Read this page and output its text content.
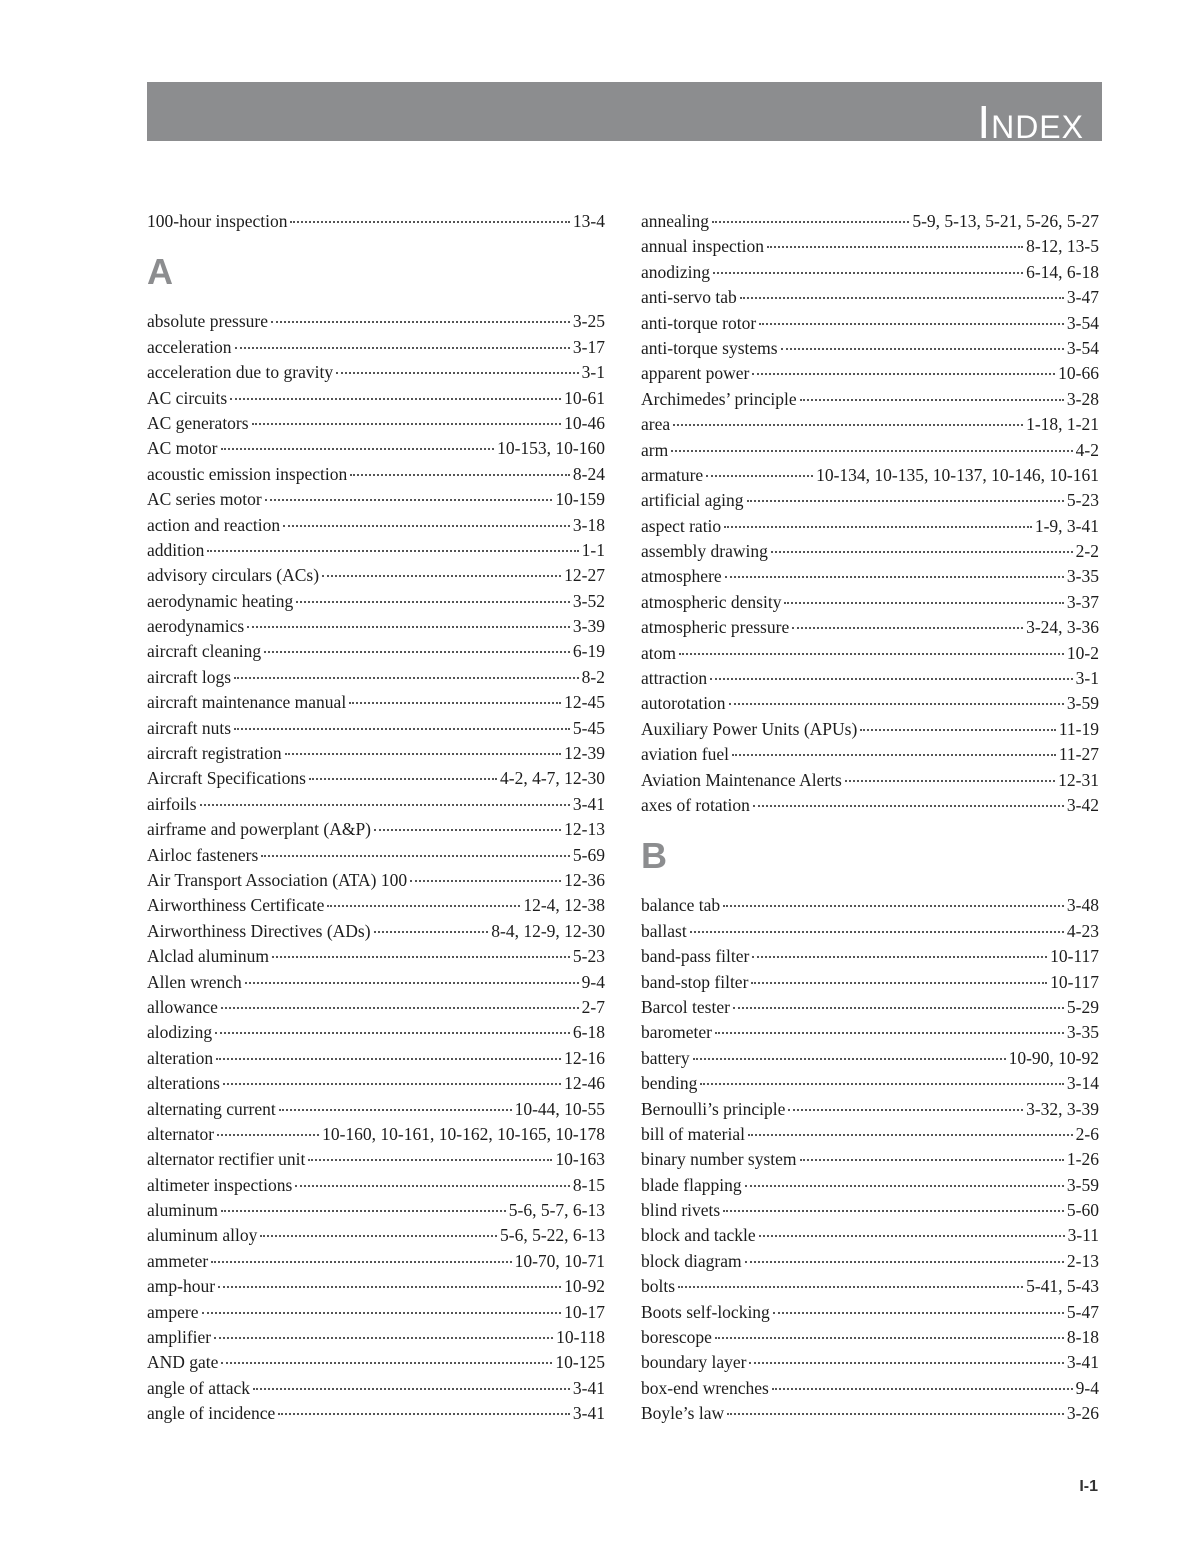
Index
100-hour inspection	13-4
A
absolute pressure	3-25
acceleration	3-17
acceleration due to gravity	3-1
AC circuits	10-61
AC generators	10-46
AC motor	10-153, 10-160
acoustic emission inspection	8-24
AC series motor	10-159
action and reaction	3-18
addition	1-1
advisory circulars (ACs)	12-27
aerodynamic heating	3-52
aerodynamics	3-39
aircraft cleaning	6-19
aircraft logs	8-2
aircraft maintenance manual	12-45
aircraft nuts	5-45
aircraft registration	12-39
Aircraft Specifications	4-2, 4-7, 12-30
airfoils	3-41
airframe and powerplant (A&P)	12-13
Airloc fasteners	5-69
Air Transport Association (ATA) 100	12-36
Airworthiness Certificate	12-4, 12-38
Airworthiness Directives (ADs)	8-4, 12-9, 12-30
Alclad aluminum	5-23
Allen wrench	9-4
allowance	2-7
alodizing	6-18
alteration	12-16
alterations	12-46
alternating current	10-44, 10-55
alternator	10-160, 10-161, 10-162, 10-165, 10-178
alternator rectifier unit	10-163
altimeter inspections	8-15
aluminum	5-6, 5-7, 6-13
aluminum alloy	5-6, 5-22, 6-13
ammeter	10-70, 10-71
amp-hour	10-92
ampere	10-17
amplifier	10-118
AND gate	10-125
angle of attack	3-41
angle of incidence	3-41
annealing	5-9, 5-13, 5-21, 5-26, 5-27
annual inspection	8-12, 13-5
anodizing	6-14, 6-18
anti-servo tab	3-47
anti-torque rotor	3-54
anti-torque systems	3-54
apparent power	10-66
Archimedes’ principle	3-28
area	1-18, 1-21
arm	4-2
armature	10-134, 10-135, 10-137, 10-146, 10-161
artificial aging	5-23
aspect ratio	1-9, 3-41
assembly drawing	2-2
atmosphere	3-35
atmospheric density	3-37
atmospheric pressure	3-24, 3-36
atom	10-2
attraction	3-1
autorotation	3-59
Auxiliary Power Units (APUs)	11-19
aviation fuel	11-27
Aviation Maintenance Alerts	12-31
axes of rotation	3-42
B
balance tab	3-48
ballast	4-23
band-pass filter	10-117
band-stop filter	10-117
Barcol tester	5-29
barometer	3-35
battery	10-90, 10-92
bending	3-14
Bernoulli’s principle	3-32, 3-39
bill of material	2-6
binary number system	1-26
blade flapping	3-59
blind rivets	5-60
block and tackle	3-11
block diagram	2-13
bolts	5-41, 5-43
Boots self-locking	5-47
borescope	8-18
boundary layer	3-41
box-end wrenches	9-4
Boyle’s law	3-26
I-1
